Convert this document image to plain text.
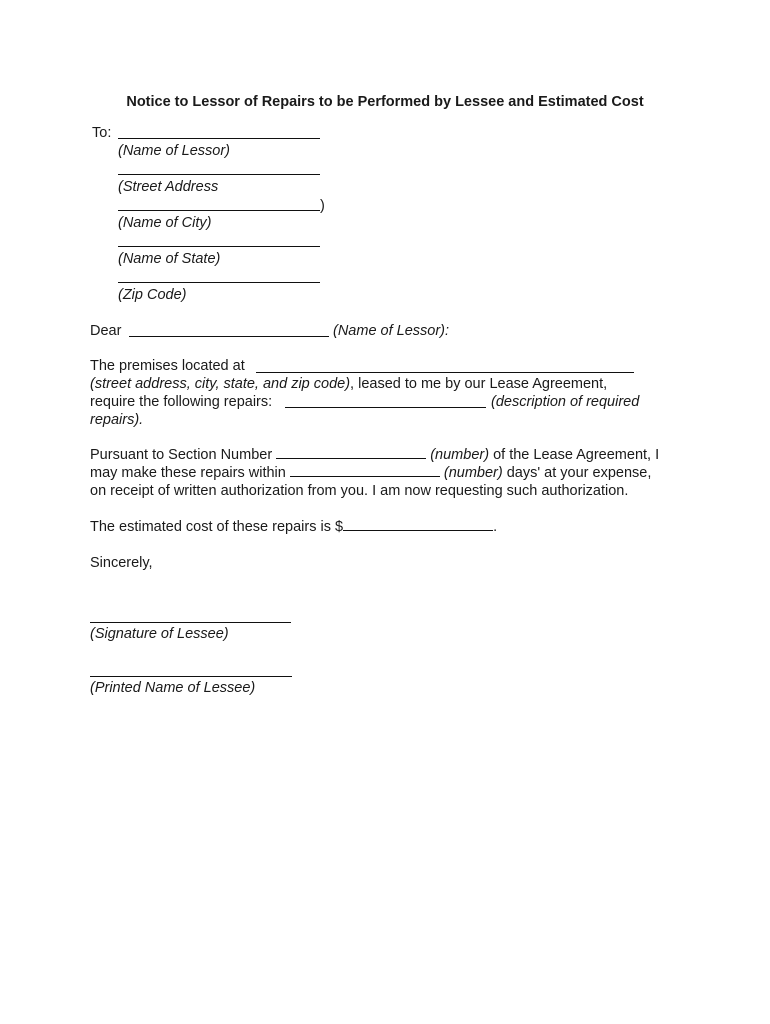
Notice to Lessor of Repairs to be Performed by Lessee and Estimated Cost
To:
(Name of Lessor)
(Street Address
)
(Name of City)
(Name of State)
(Zip Code)
Dear	(Name of Lessor):
The premises located at
(street address, city, state, and zip code), leased to me by our Lease Agreement,
require the following repairs:	(description of required
repairs).
Pursuant to Section Number	(number) of the Lease Agreement, I
may make these repairs within	(number) days' at your expense,
on receipt of written authorization from you. I am now requesting such authorization.
The estimated cost of these repairs is $	.
Sincerely,
(Signature of Lessee)
(Printed Name of Lessee)
